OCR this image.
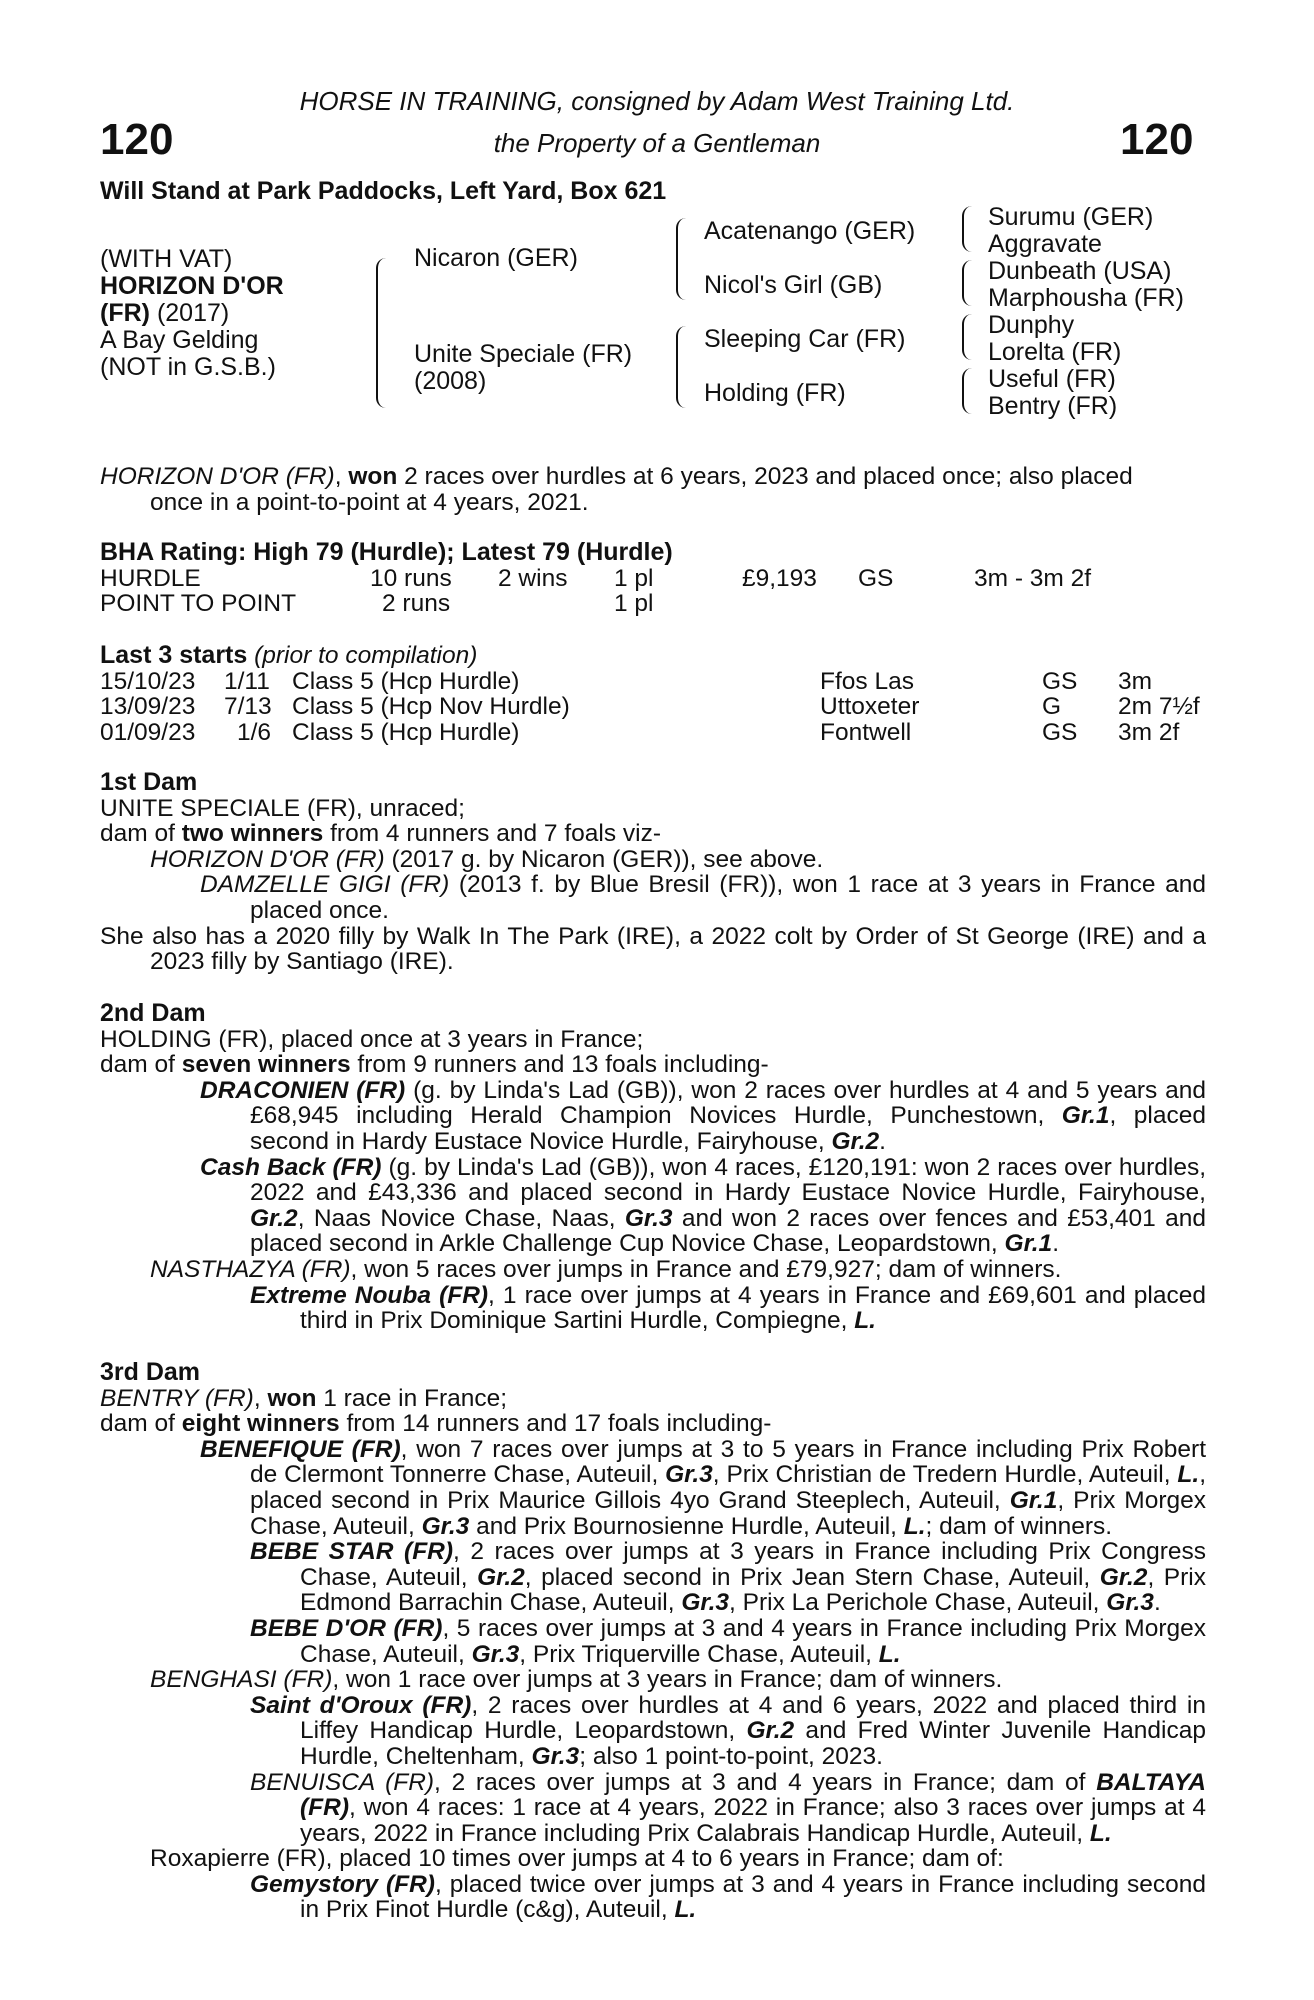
120	120
HORSE IN TRAINING, consigned by Adam West Training Ltd.
the Property of a Gentleman
Will Stand at Park Paddocks, Left Yard, Box 621
(WITH VAT)
HORIZON D'OR
(FR) (2017)
A Bay Gelding
(NOT in G.S.B.)
Nicaron (GER)
Unite Speciale (FR)
(2008)
Acatenango (GER)
Nicol's Girl (GB)
Sleeping Car (FR)
Holding (FR)
Surumu (GER)
Aggravate
Dunbeath (USA)
Marphousha (FR)
Dunphy
Lorelta (FR)
Useful (FR)
Bentry (FR)

HORIZON D'OR (FR), won 2 races over hurdles at 6 years, 2023 and placed once; also placed

once in a point-to-point at 4 years, 2021.

BHA Rating: High 79 (Hurdle); Latest 79 (Hurdle)
HURDLE	10 runs 2 wins 1 pl	£9,193 GS	3m - 3m 2f
POINT TO POINT	2 runs	1 pl
Last 3 starts (prior to compilation)
15/10/23 1/11 Class 5 (Hcp Hurdle)	Ffos Las	GS 3m
13/09/23 7/13 Class 5 (Hcp Nov Hurdle)	Uttoxeter	G 2m 7½f
01/09/23 1/6 Class 5 (Hcp Hurdle)	Fontwell	GS 3m 2f
1st Dam

UNITE SPECIALE (FR), unraced;

dam of two winners from 4 runners and 7 foals viz-

HORIZON D'OR (FR) (2017 g. by Nicaron (GER)), see above.

DAMZELLE GIGI (FR) (2013 f. by Blue Bresil (FR)), won 1 race at 3 years in France and placed once.

She also has a 2020 filly by Walk In The Park (IRE), a 2022 colt by Order of St George (IRE) and a 2023 filly by Santiago (IRE).

2nd Dam

HOLDING (FR), placed once at 3 years in France;

dam of seven winners from 9 runners and 13 foals including-

DRACONIEN (FR) (g. by Linda's Lad (GB)), won 2 races over hurdles at 4 and 5 years and £68,945 including Herald Champion Novices Hurdle, Punchestown, Gr.1, placed second in Hardy Eustace Novice Hurdle, Fairyhouse, Gr.2.

Cash Back (FR) (g. by Linda's Lad (GB)), won 4 races, £120,191: won 2 races over hurdles, 2022 and £43,336 and placed second in Hardy Eustace Novice Hurdle, Fairyhouse, Gr.2, Naas Novice Chase, Naas, Gr.3 and won 2 races over fences and £53,401 and placed second in Arkle Challenge Cup Novice Chase, Leopardstown, Gr.1.

NASTHAZYA (FR), won 5 races over jumps in France and £79,927; dam of winners.

Extreme Nouba (FR), 1 race over jumps at 4 years in France and £69,601 and placed third in Prix Dominique Sartini Hurdle, Compiegne, L.

3rd Dam

BENTRY (FR), won 1 race in France;

dam of eight winners from 14 runners and 17 foals including-

BENEFIQUE (FR), won 7 races over jumps at 3 to 5 years in France including Prix Robert de Clermont Tonnerre Chase, Auteuil, Gr.3, Prix Christian de Tredern Hurdle, Auteuil, L., placed second in Prix Maurice Gillois 4yo Grand Steeplech, Auteuil, Gr.1, Prix Morgex Chase, Auteuil, Gr.3 and Prix Bournosienne Hurdle, Auteuil, L.; dam of winners.

BEBE STAR (FR), 2 races over jumps at 3 years in France including Prix Congress Chase, Auteuil, Gr.2, placed second in Prix Jean Stern Chase, Auteuil, Gr.2, Prix Edmond Barrachin Chase, Auteuil, Gr.3, Prix La Perichole Chase, Auteuil, Gr.3.

BEBE D'OR (FR), 5 races over jumps at 3 and 4 years in France including Prix Morgex Chase, Auteuil, Gr.3, Prix Triquerville Chase, Auteuil, L.

BENGHASI (FR), won 1 race over jumps at 3 years in France; dam of winners.

Saint d'Oroux (FR), 2 races over hurdles at 4 and 6 years, 2022 and placed third in Liffey Handicap Hurdle, Leopardstown, Gr.2 and Fred Winter Juvenile Handicap Hurdle, Cheltenham, Gr.3; also 1 point-to-point, 2023.

BENUISCA (FR), 2 races over jumps at 3 and 4 years in France; dam of BALTAYA (FR), won 4 races: 1 race at 4 years, 2022 in France; also 3 races over jumps at 4 years, 2022 in France including Prix Calabrais Handicap Hurdle, Auteuil, L.

Roxapierre (FR), placed 10 times over jumps at 4 to 6 years in France; dam of:

Gemystory (FR), placed twice over jumps at 3 and 4 years in France including second in Prix Finot Hurdle (c&g), Auteuil, L.
